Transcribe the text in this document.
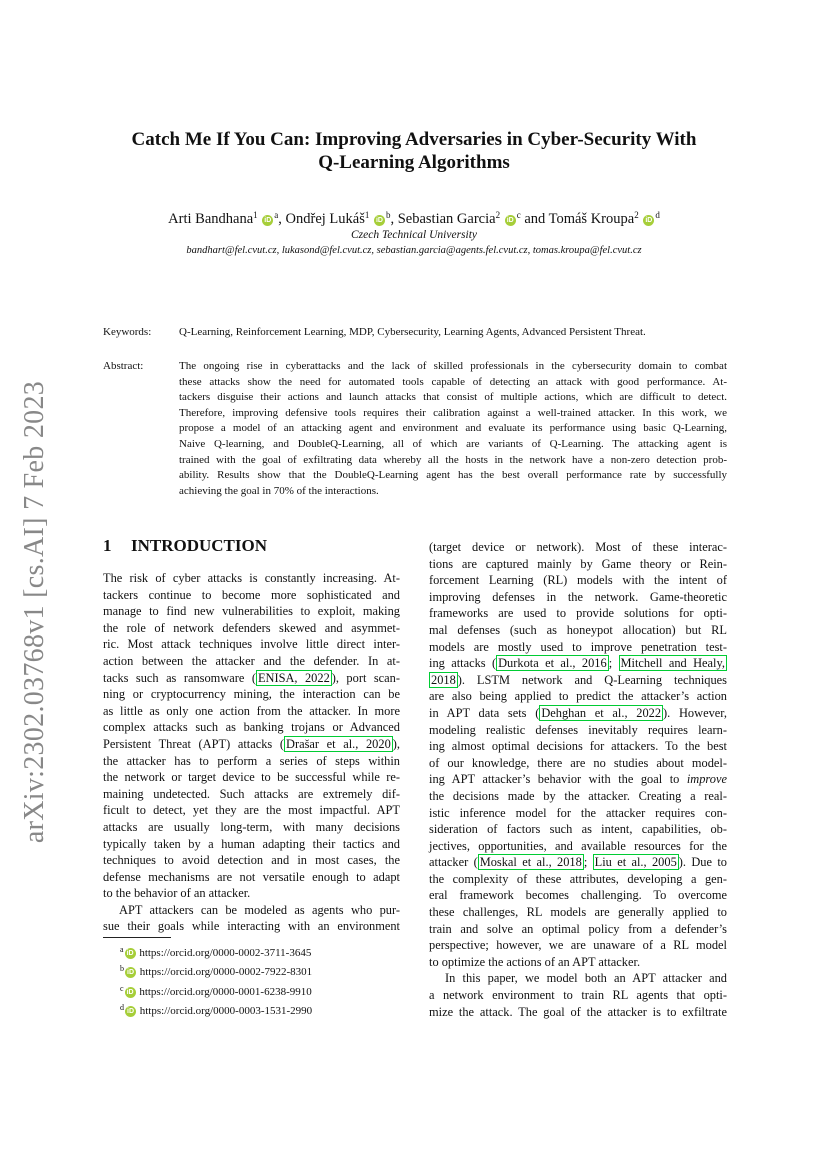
arXiv:2302.03768v1 [cs.AI] 7 Feb 2023
Catch Me If You Can: Improving Adversaries in Cyber-Security With
Q-Learning Algorithms
Arti Bandhana$^1$ $iD^a$, Ondřej Lukáš$^1$ $iD^b$, Sebastian Garcia$^2$ $iD^c$ and Tomáš Kroupa$^2$ $iD^d$
Czech Technical University
bandhart@fel.cvut.cz, lukasond@fel.cvut.cz, sebastian.garcia@agents.fel.cvut.cz, tomas.kroupa@fel.cvut.cz
Keywords:	Q-Learning, Reinforcement Learning, MDP, Cybersecurity, Learning Agents, Advanced Persistent Threat.
Abstract:	The ongoing rise in cyberattacks and the lack of skilled professionals in the cybersecurity domain to combat
these attacks show the need for automated tools capable of detecting an attack with good performance. At-
tackers disguise their actions and launch attacks that consist of multiple actions, which are difficult to detect.
Therefore, improving defensive tools requires their calibration against a well-trained attacker. In this work, we
propose a model of an attacking agent and environment and evaluate its performance using basic Q-Learning,
Naive Q-learning, and DoubleQ-Learning, all of which are variants of Q-Learning. The attacking agent is
trained with the goal of exfiltrating data whereby all the hosts in the network have a non-zero detection prob-
ability. Results show that the DoubleQ-Learning agent has the best overall performance rate by successfully
achieving the goal in 70% of the interactions.
1 INTRODUCTION
The risk of cyber attacks is constantly increasing. At-
tackers continue to become more sophisticated and
manage to find new vulnerabilities to exploit, making
the role of network defenders skewed and asymmet-
ric. Most attack techniques involve little direct inter-
action between the attacker and the defender. In at-
tacks such as ransomware ( ENISA, 2022 ), port scan-
ning or cryptocurrency mining, the interaction can be
as little as only one action from the attacker. In more
complex attacks such as banking trojans or Advanced
Persistent Threat (APT) attacks ( Drašar et al., 2020 ),
the attacker has to perform a series of steps within
the network or target device to be successful while re-
maining undetected. Such attacks are extremely dif-
ficult to detect, yet they are the most impactful. APT
attacks are usually long-term, with many decisions
typically taken by a human adapting their tactics and
techniques to avoid detection and in most cases, the
defense mechanisms are not versatile enough to adapt
to the behavior of an attacker.
APT attackers can be modeled as agents who pur-
sue their goals while interacting with an environment
$^a$ iD https://orcid.org/0000-0002-3711-3645
$^b$ iD https://orcid.org/0000-0002-7922-8301
$^c$ iD https://orcid.org/0000-0001-6238-9910
$^d$ iD https://orcid.org/0000-0003-1531-2990
(target device or network). Most of these interac-
tions are captured mainly by Game theory or Rein-
forcement Learning (RL) models with the intent of
improving defenses in the network. Game-theoretic
frameworks are used to provide solutions for opti-
mal defenses (such as honeypot allocation) but RL
models are mostly used to improve penetration test-
ing attacks ( Durkota et al., 2016 ; Mitchell and Healy,
2018 ). LSTM network and Q-Learning techniques
are also being applied to predict the attacker’s action
in APT data sets ( Dehghan et al., 2022 ). However,
modeling realistic defenses inevitably requires learn-
ing almost optimal decisions for attackers. To the best
of our knowledge, there are no studies about model-
ing APT attacker’s behavior with the goal to improve
the decisions made by the attacker. Creating a real-
istic inference model for the attacker requires con-
sideration of factors such as intent, capabilities, ob-
jectives, opportunities, and available resources for the
attacker ( Moskal et al., 2018 ; Liu et al., 2005 ). Due to
the complexity of these attributes, developing a gen-
eral framework becomes challenging. To overcome
these challenges, RL models are generally applied to
train and solve an optimal policy from a defender’s
perspective; however, we are unaware of a RL model
to optimize the actions of an APT attacker.
In this paper, we model both an APT attacker and
a network environment to train RL agents that opti-
mize the attack. The goal of the attacker is to exfiltrate
